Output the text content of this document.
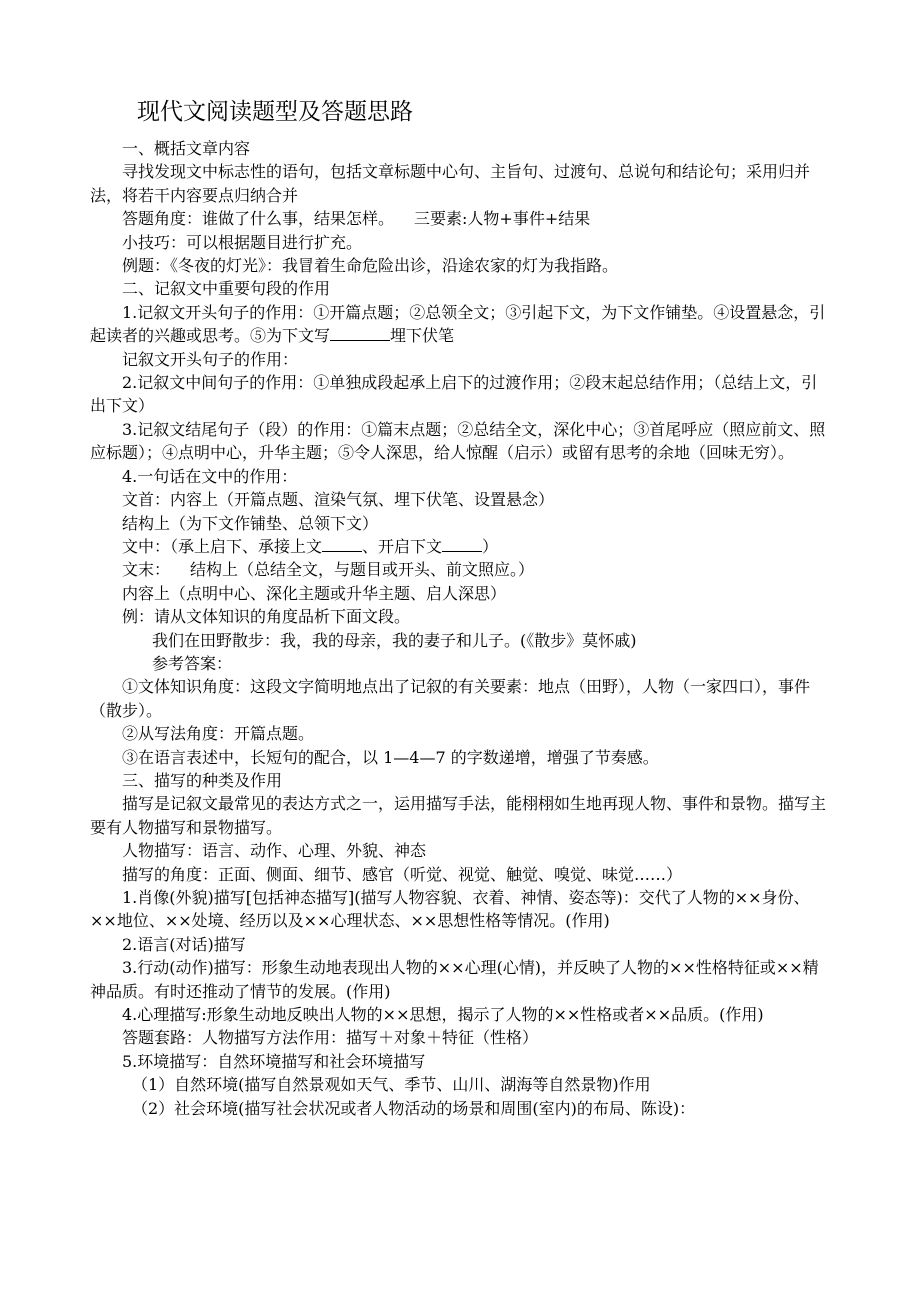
现代文阅读题型及答题思路

一、概括文章内容

寻找发现文中标志性的语句，包括文章标题中心句、主旨句、过渡句、总说句和结论句；采用归并法，将若干内容要点归纳合并

答题角度：谁做了什么事，结果怎样。 三要素:人物+事件+结果

小技巧：可以根据题目进行扩充。

例题：《冬夜的灯光》：我冒着生命危险出诊，沿途农家的灯为我指路。

二、记叙文中重要句段的作用

1.记叙文开头句子的作用：①开篇点题；②总领全文；③引起下文，为下文作铺垫。④设置悬念，引起读者的兴趣或思考。⑤为下文写	埋下伏笔

记叙文开头句子的作用：

2.记叙文中间句子的作用：①单独成段起承上启下的过渡作用；②段末起总结作用；（总结上文，引出下文）

3.记叙文结尾句子（段）的作用：①篇末点题；②总结全文，深化中心；③首尾呼应（照应前文、照应标题）；④点明中心，升华主题；⑤令人深思，给人惊醒（启示）或留有思考的余地（回味无穷）。

4.一句话在文中的作用：

文首：内容上（开篇点题、渲染气氛、埋下伏笔、设置悬念）

结构上（为下文作铺垫、总领下文）

文中：（承上启下、承接上文	、开启下文	）

文末： 结构上（总结全文，与题目或开头、前文照应。）

内容上（点明中心、深化主题或升华主题、启人深思）

例：请从文体知识的角度品析下面文段。

我们在田野散步：我，我的母亲，我的妻子和儿子。(《散步》莫怀戚)

参考答案：

①文体知识角度：这段文字简明地点出了记叙的有关要素：地点（田野），人物（一家四口），事件（散步）。

②从写法角度：开篇点题。

③在语言表述中，长短句的配合，以 1—4—7 的字数递增，增强了节奏感。

三、描写的种类及作用

描写是记叙文最常见的表达方式之一，运用描写手法，能栩栩如生地再现人物、事件和景物。描写主要有人物描写和景物描写。

人物描写：语言、动作、心理、外貌、神态

描写的角度：正面、侧面、细节、感官（听觉、视觉、触觉、嗅觉、味觉……）

1.肖像(外貌)描写[包括神态描写](描写人物容貌、衣着、神情、姿态等)：交代了人物的××身份、××地位、××处境、经历以及××心理状态、××思想性格等情况。(作用)

2.语言(对话)描写

3.行动(动作)描写：形象生动地表现出人物的××心理(心情)，并反映了人物的××性格特征或××精神品质。有时还推动了情节的发展。(作用)

4.心理描写:形象生动地反映出人物的××思想，揭示了人物的××性格或者××品质。(作用)

答题套路：人物描写方法作用：描写＋对象＋特征（性格）

5.环境描写：自然环境描写和社会环境描写

（1）自然环境(描写自然景观如天气、季节、山川、湖海等自然景物)作用

（2）社会环境(描写社会状况或者人物活动的场景和周围(室内)的布局、陈设)：
